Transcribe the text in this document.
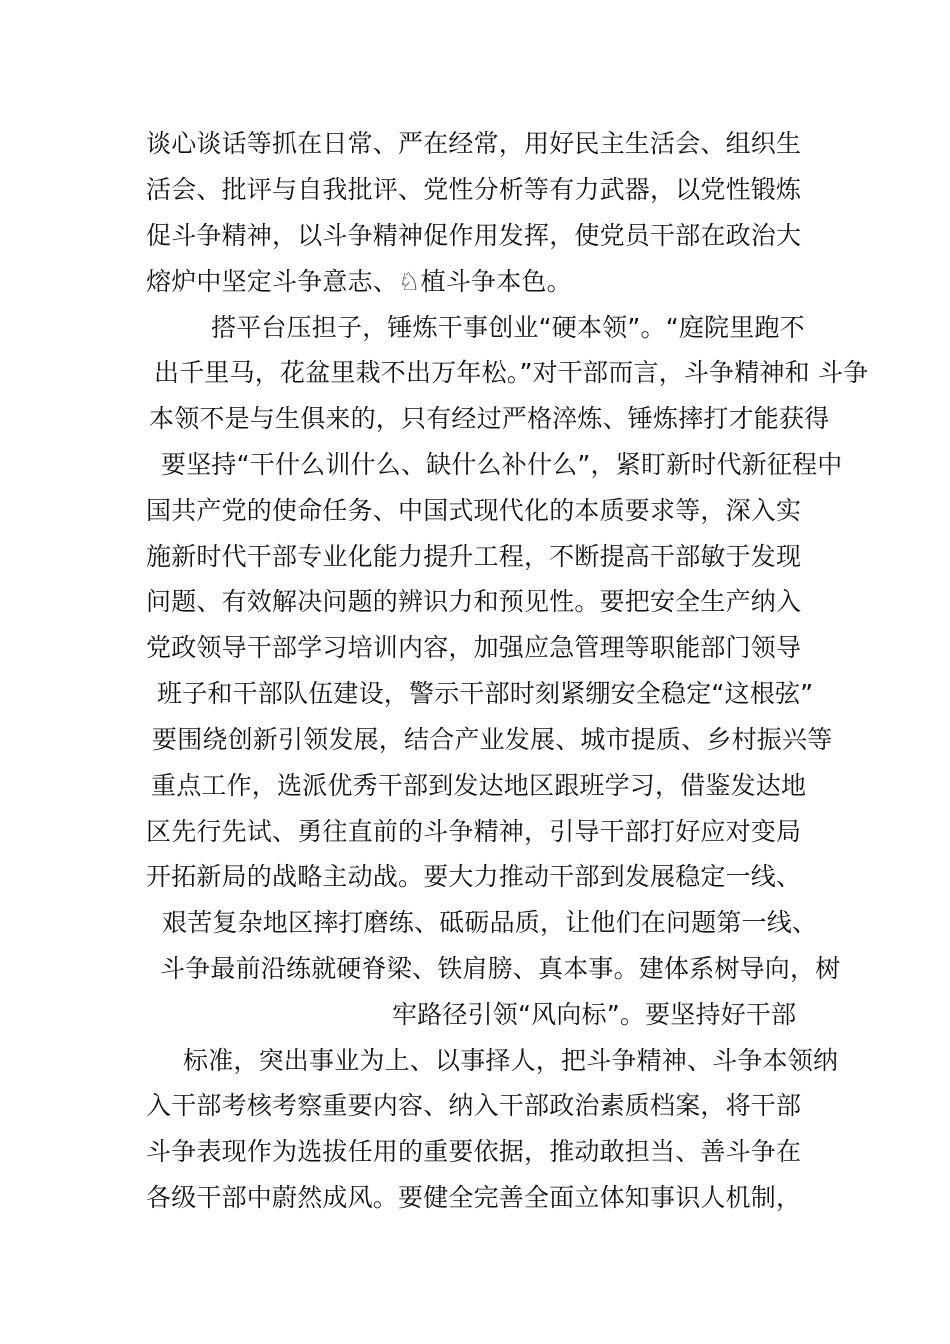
谈心谈话等抓在日常、严在经常，用好民主生活会、组织生
活会、批评与自我批评、党性分析等有力武器，以党性锻炼
促斗争精神，以斗争精神促作用发挥，使党员干部在政治大
熔炉中坚定斗争意志、♘植斗争本色。
搭平台压担子，锤炼干事创业“硬本领”。“庭院里跑不
出千里马，花盆里栽不出万年松。”对干部而言，斗争精神和 斗争
本领不是与生俱来的，只有经过严格淬炼、锤炼摔打才能获得
要坚持“干什么训什么、缺什么补什么”，紧盯新时代新征程中
国共产党的使命任务、中国式现代化的本质要求等，深入实
施新时代干部专业化能力提升工程，不断提高干部敏于发现
问题、有效解决问题的辨识力和预见性。要把安全生产纳入
党政领导干部学习培训内容，加强应急管理等职能部门领导
班子和干部队伍建设，警示干部时刻紧绷安全稳定“这根弦”
要围绕创新引领发展，结合产业发展、城市提质、乡村振兴等
重点工作，选派优秀干部到发达地区跟班学习，借鉴发达地
区先行先试、勇往直前的斗争精神，引导干部打好应对变局
开拓新局的战略主动战。要大力推动干部到发展稳定一线、
艰苦复杂地区摔打磨练、砥砺品质，让他们在问题第一线、
斗争最前沿练就硬脊梁、铁肩膀、真本事。建体系树导向，树
牢路径引领“风向标”。要坚持好干部
标准，突出事业为上、以事择人，把斗争精神、斗争本领纳
入干部考核考察重要内容、纳入干部政治素质档案，将干部
斗争表现作为选拔任用的重要依据，推动敢担当、善斗争在
各级干部中蔚然成风。要健全完善全面立体知事识人机制，
